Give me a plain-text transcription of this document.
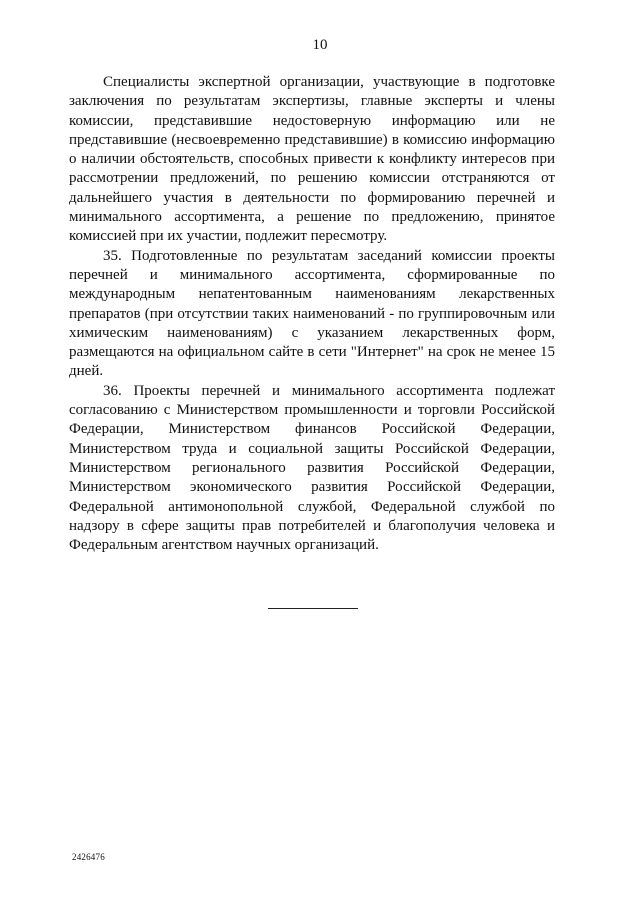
10

Специалисты экспертной организации, участвующие в подготовке заключения по результатам экспертизы, главные эксперты и члены комиссии, представившие недостоверную информацию или не представившие (несвоевременно представившие) в комиссию информацию о наличии обстоятельств, способных привести к конфликту интересов при рассмотрении предложений, по решению комиссии отстраняются от дальнейшего участия в деятельности по формированию перечней и минимального ассортимента, а решение по предложению, принятое комиссией при их участии, подлежит пересмотру.

35. Подготовленные по результатам заседаний комиссии проекты перечней и минимального ассортимента, сформированные по международным непатентованным наименованиям лекарственных препаратов (при отсутствии таких наименований - по группировочным или химическим наименованиям) с указанием лекарственных форм, размещаются на официальном сайте в сети "Интернет" на срок не менее 15 дней.

36. Проекты перечней и минимального ассортимента подлежат согласованию с Министерством промышленности и торговли Российской Федерации, Министерством финансов Российской Федерации, Министерством труда и социальной защиты Российской Федерации, Министерством регионального развития Российской Федерации, Министерством экономического развития Российской Федерации, Федеральной антимонопольной службой, Федеральной службой по надзору в сфере защиты прав потребителей и благополучия человека и Федеральным агентством научных организаций.

2426476
